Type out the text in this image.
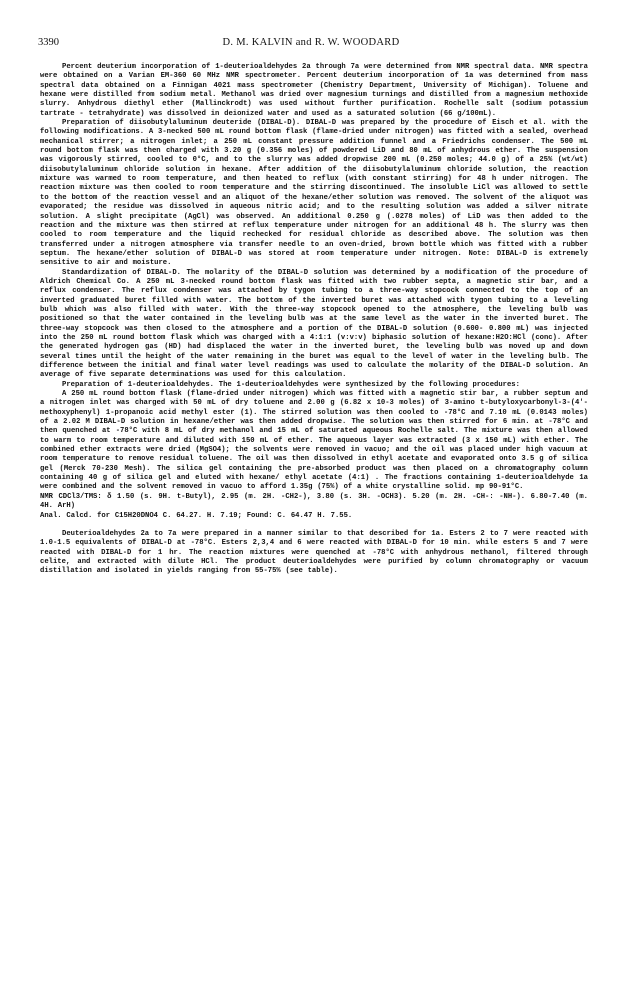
3390	D. M. KALVIN and R. W. WOODARD

Percent deuterium incorporation of 1-deuterioaldehydes 2a through 7a were determined from NMR spectral data. NMR spectra were obtained on a Varian EM-360 60 MHz NMR spectrometer. Percent deuterium incorporation of 1a was determined from mass spectral data obtained on a Finnigan 4021 mass spectrometer (Chemistry Department, University of Michigan). Toluene and hexane were distilled from sodium metal. Methanol was dried over magnesium turnings and distilled from a magnesium methoxide slurry. Anhydrous diethyl ether (Mallinckrodt) was used without further purification. Rochelle salt (sodium potassium tartrate - tetrahydrate) was dissolved in deionized water and used as a saturated solution (66 g/100mL).

Preparation of diisobutylaluminum deuteride (DIBAL-D). DIBAL-D was prepared by the procedure of Eisch et al. with the following modifications. A 3-necked 500 mL round bottom flask (flame-dried under nitrogen) was fitted with a sealed, overhead mechanical stirrer; a nitrogen inlet; a 250 mL constant pressure addition funnel and a Friedrichs condenser. The 500 mL round bottom flask was then charged with 3.20 g (0.356 moles) of powdered LiD and 80 mL of anhydrous ether. The suspension was vigorously stirred, cooled to 0°C, and to the slurry was added dropwise 200 mL (0.250 moles; 44.0 g) of a 25% (wt/wt) diisobutylaluminum chloride solution in hexane. After addition of the diisobutylaluminum chloride solution, the reaction mixture was warmed to room temperature, and then heated to reflux (with constant stirring) for 48 h under nitrogen. The reaction mixture was then cooled to room temperature and the stirring discontinued. The insoluble LiCl was allowed to settle to the bottom of the reaction vessel and an aliquot of the hexane/ether solution was removed. The solvent of the aliquot was evaporated; the residue was dissolved in aqueous nitric acid; and to the resulting solution was added a silver nitrate solution. A slight precipitate (AgCl) was observed. An additional 0.250 g (.0278 moles) of LiD was then added to the reaction and the mixture was then stirred at reflux temperature under nitrogen for an additional 48 h. The slurry was then cooled to room temperature and the liquid rechecked for residual chloride as described above. The solution was then transferred under a nitrogen atmosphere via transfer needle to an oven-dried, brown bottle which was fitted with a rubber septum. The hexane/ether solution of DIBAL-D was stored at room temperature under nitrogen. Note: DIBAL-D is extremely sensitive to air and moisture.

Standardization of DIBAL-D. The molarity of the DIBAL-D solution was determined by a modification of the procedure of Aldrich Chemical Co. A 250 mL 3-necked round bottom flask was fitted with two rubber septa, a magnetic stir bar, and a reflux condenser. The reflux condenser was attached by tygon tubing to a three-way stopcock connected to the top of an inverted graduated buret filled with water. The bottom of the inverted buret was attached with tygon tubing to a leveling bulb which was also filled with water. With the three-way stopcock opened to the atmosphere, the leveling bulb was positioned so that the water contained in the leveling bulb was at the same level as the water in the inverted buret. The three-way stopcock was then closed to the atmosphere and a portion of the DIBAL-D solution (0.600- 0.800 mL) was injected into the 250 mL round bottom flask which was charged with a 4:1:1 (v:v:v) biphasic solution of hexane:H2O:HCl (conc). After the generated hydrogen gas (HD) had displaced the water in the inverted buret, the leveling bulb was moved up and down several times until the height of the water remaining in the buret was equal to the level of water in the leveling bulb. The difference between the initial and final water level readings was used to calculate the molarity of the DIBAL-D solution. An average of five separate determinations was used for this calculation.

Preparation of 1-deuterioaldehydes. The 1-deuterioaldehydes were synthesized by the following procedures:

A 250 mL round bottom flask (flame-dried under nitrogen) which was fitted with a magnetic stir bar, a rubber septum and a nitrogen inlet was charged with 50 mL of dry toluene and 2.00 g (6.82 x 10-3 moles) of 3-amino t-butyloxycarbonyl-3-(4'-methoxyphenyl) 1-propanoic acid methyl ester (1). The stirred solution was then cooled to -78°C and 7.10 mL (0.0143 moles) of a 2.02 M DIBAL-D solution in hexane/ether was then added dropwise. The solution was then stirred for 6 min. at -78°C and then quenched at -78°C with 8 mL of dry methanol and 15 mL of saturated aqueous Rochelle salt. The mixture was then allowed to warm to room temperature and diluted with 150 mL of ether. The aqueous layer was extracted (3 x 150 mL) with ether. The combined ether extracts were dried (MgSO4); the solvents were removed in vacuo; and the oil was placed under high vacuum at room temperature to remove residual toluene. The oil was then dissolved in ethyl acetate and evaporated onto 3.5 g of silica gel (Merck 70-230 Mesh). The silica gel containing the pre-absorbed product was then placed on a chromatography column containing 40 g of silica gel and eluted with hexane/ ethyl acetate (4:1) . The fractions containing 1-deuterioaldehyde 1a were combined and the solvent removed in vacuo to afford 1.35g (75%) of a white crystalline solid. mp 90-91°C.

NMR CDCl3/TMS: δ 1.50 (s. 9H. t-Butyl), 2.95 (m. 2H. -CH2-), 3.80 (s. 3H. -OCH3). 5.20 (m. 2H. -CH-: -NH-). 6.80-7.40 (m. 4H. ArH)

Anal. Calcd. for C15H20DNO4 C. 64.27. H. 7.19; Found: C. 64.47 H. 7.55.

Deuterioaldehydes 2a to 7a were prepared in a manner similar to that described for 1a. Esters 2 to 7 were reacted with 1.0-1.5 equivalents of DIBAL-D at -78°C. Esters 2,3,4 and 6 were reacted with DIBAL-D for 10 min. while esters 5 and 7 were reacted with DIBAL-D for 1 hr. The reaction mixtures were quenched at -78°C with anhydrous methanol, filtered through celite, and extracted with dilute HCl. The product deuterioaldehydes were purified by column chromatography or vacuum distillation and isolated in yields ranging from 55-75% (see table).
